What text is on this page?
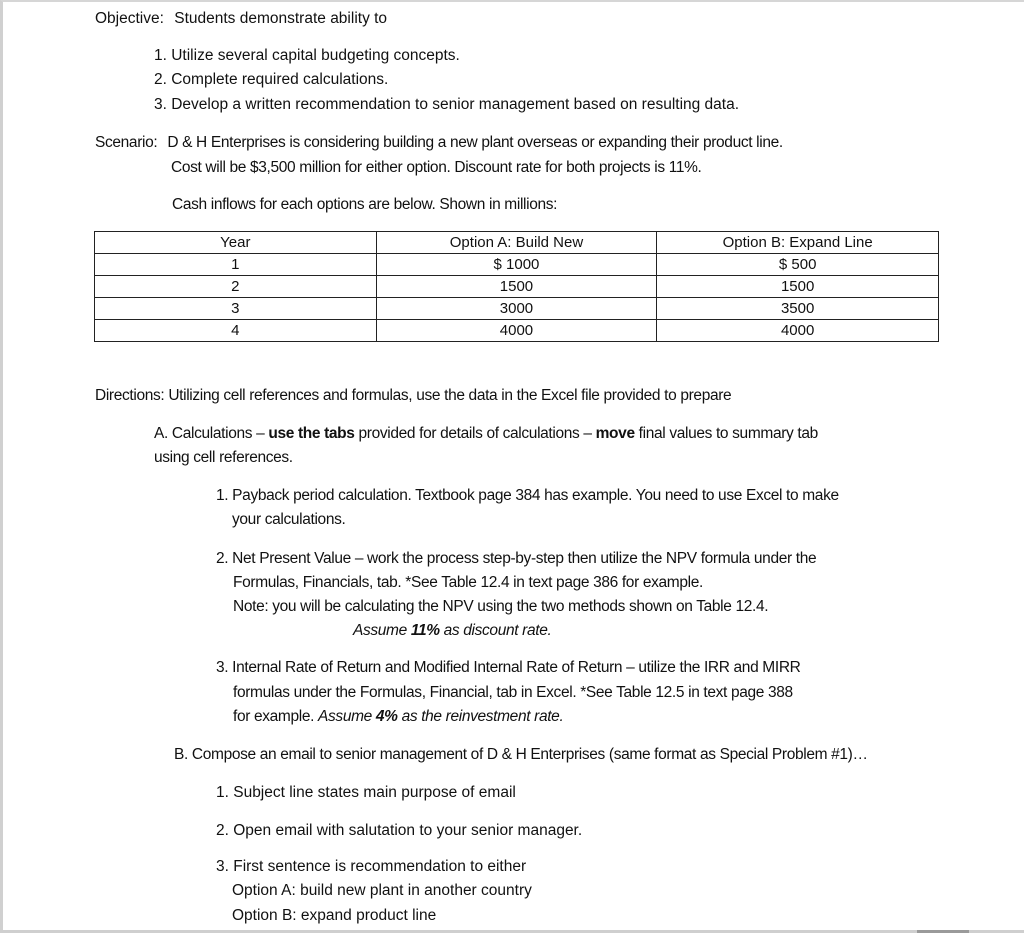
Objective: Students demonstrate ability to
1. Utilize several capital budgeting concepts.
2. Complete required calculations.
3. Develop a written recommendation to senior management based on resulting data.
Scenario: D & H Enterprises is considering building a new plant overseas or expanding their product line.
Cost will be $3,500 million for either option. Discount rate for both projects is 11%.
Cash inflows for each options are below. Shown in millions:
Year	Option A: Build New	Option B: Expand Line
1	$ 1000	$ 500
2	1500	1500
3	3000	3500
4	4000	4000
Directions: Utilizing cell references and formulas, use the data in the Excel file provided to prepare
A. Calculations – use the tabs provided for details of calculations – move final values to summary tab
using cell references.
1. Payback period calculation. Textbook page 384 has example. You need to use Excel to make
your calculations.
2. Net Present Value – work the process step-by-step then utilize the NPV formula under the
Formulas, Financials, tab. *See Table 12.4 in text page 386 for example.
Note: you will be calculating the NPV using the two methods shown on Table 12.4.
Assume 11% as discount rate.
3. Internal Rate of Return and Modified Internal Rate of Return – utilize the IRR and MIRR
formulas under the Formulas, Financial, tab in Excel. *See Table 12.5 in text page 388
for example. Assume 4% as the reinvestment rate.
B. Compose an email to senior management of D & H Enterprises (same format as Special Problem #1)…
1. Subject line states main purpose of email
2. Open email with salutation to your senior manager.
3. First sentence is recommendation to either
Option A: build new plant in another country
Option B: expand product line
